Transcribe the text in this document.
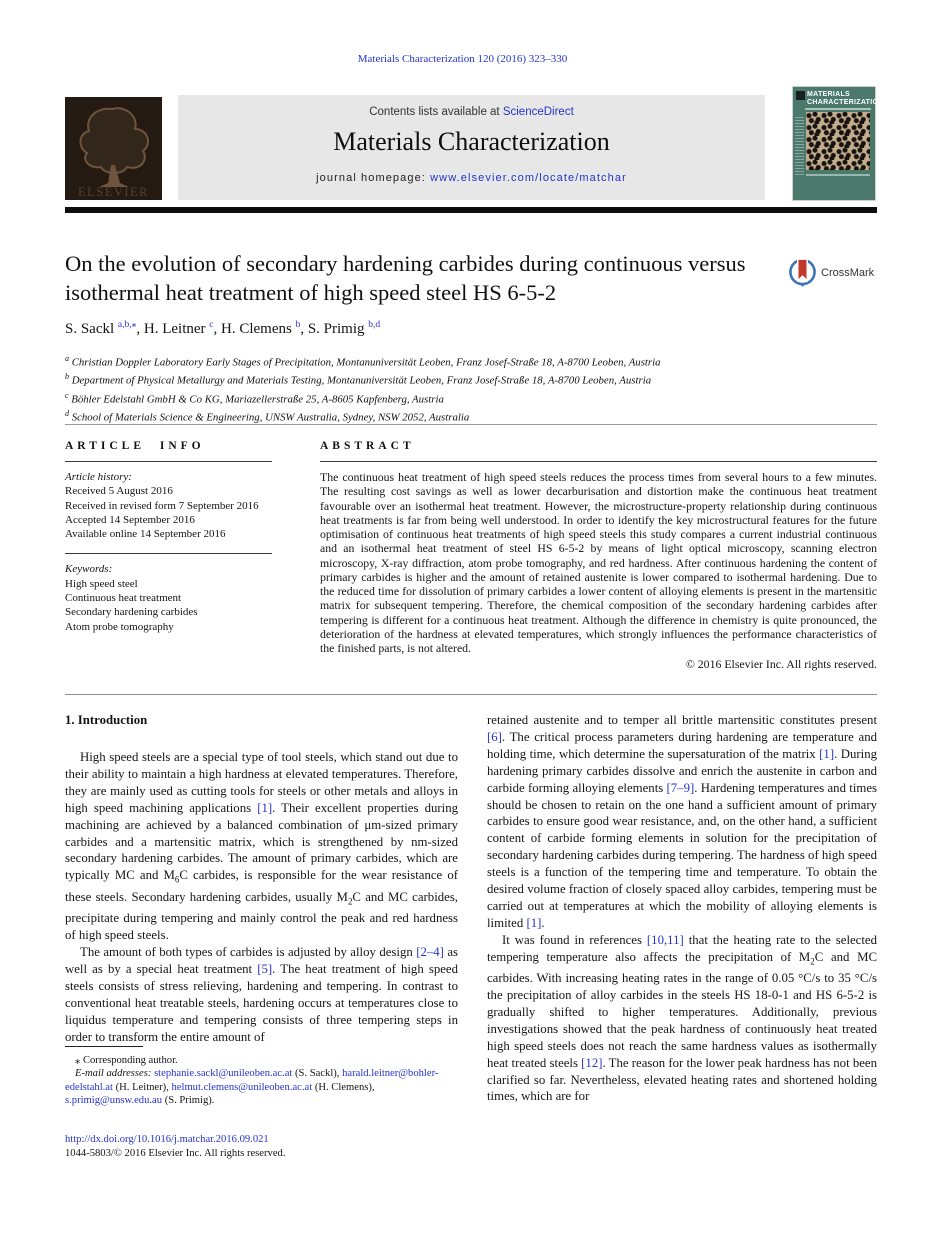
Materials Characterization 120 (2016) 323–330
ELSEVIER
Contents lists available at ScienceDirect
Materials Characterization
journal homepage: www.elsevier.com/locate/matchar
MATERIALS CHARACTERIZATION
On the evolution of secondary hardening carbides during continuous versus isothermal heat treatment of high speed steel HS 6-5-2
CrossMark
S. Sackl $^{a,b,⁎}$, H. Leitner $^c$, H. Clemens $^b$, S. Primig $^{b,d}$
$^a$ Christian Doppler Laboratory Early Stages of Precipitation, Montanuniversität Leoben, Franz Josef-Straße 18, A-8700 Leoben, Austria
$^b$ Department of Physical Metallurgy and Materials Testing, Montanuniversität Leoben, Franz Josef-Straße 18, A-8700 Leoben, Austria
$^c$ Böhler Edelstahl GmbH & Co KG, Mariazellerstraße 25, A-8605 Kapfenberg, Austria
$^d$ School of Materials Science & Engineering, UNSW Australia, Sydney, NSW 2052, Australia
ARTICLE INFO
Article history:
Received 5 August 2016
Received in revised form 7 September 2016
Accepted 14 September 2016
Available online 14 September 2016
Keywords:
High speed steel
Continuous heat treatment
Secondary hardening carbides
Atom probe tomography
ABSTRACT
The continuous heat treatment of high speed steels reduces the process times from several hours to a few minutes. The resulting cost savings as well as lower decarburisation and distortion make the continuous heat treatment favourable over an isothermal heat treatment. However, the microstructure-property relationship during continuous heat treatments is far from being well understood. In order to identify the key microstructural features for the future optimisation of continuous heat treatments of high speed steels this study compares a current industrial continuous and an isothermal heat treatment of steel HS 6-5-2 by means of light optical microscopy, scanning electron microscopy, X-ray diffraction, atom probe tomography, and red hardness. After continuous hardening the content of primary carbides is higher and the amount of retained austenite is lower compared to isothermal hardening. Due to the reduced time for dissolution of primary carbides a lower content of alloying elements is present in the martensitic matrix for subsequent tempering. Therefore, the chemical composition of the secondary hardening carbides after tempering is different for a continuous heat treatment. Although the difference in chemistry is quite pronounced, the deterioration of the hardness at elevated temperatures, which strongly influences the performance characteristics of the finished parts, is not altered.
© 2016 Elsevier Inc. All rights reserved.
1. Introduction

High speed steels are a special type of tool steels, which stand out due to their ability to maintain a high hardness at elevated temperatures. Therefore, they are mainly used as cutting tools for steels or other metals and alloys in high speed machining applications [1]. Their excellent properties during machining are achieved by a balanced combination of μm-sized primary carbides and a martensitic matrix, which is strengthened by nm-sized secondary hardening carbides. The amount of primary carbides, which are typically MC and $M_6C$ carbides, is responsible for the wear resistance of these steels. Secondary hardening carbides, usually $M_2C$ and MC carbides, precipitate during tempering and mainly control the peak and red hardness of high speed steels.

The amount of both types of carbides is adjusted by alloy design [2–4] as well as by a special heat treatment [5]. The heat treatment of high speed steels consists of stress relieving, hardening and tempering. In contrast to conventional heat treatable steels, hardening occurs at temperatures close to liquidus temperature and tempering consists of three tempering steps in order to transform the entire amount of

retained austenite and to temper all brittle martensitic constitutes present [6]. The critical process parameters during hardening are temperature and holding time, which determine the supersaturation of the matrix [1]. During hardening primary carbides dissolve and enrich the austenite in carbon and carbide forming alloying elements [7–9]. Hardening temperatures and times should be chosen to retain on the one hand a sufficient amount of primary carbides to ensure good wear resistance, and, on the other hand, a sufficient content of carbide forming elements in solution for the precipitation of secondary hardening carbides during tempering. The hardness of high speed steels is a function of the tempering time and temperature. To obtain the desired volume fraction of closely spaced alloy carbides, tempering must be carried out at temperatures at which the mobility of alloying elements is limited [1].

It was found in references [10,11] that the heating rate to the selected tempering temperature also affects the precipitation of $M_2C$ and MC carbides. With increasing heating rates in the range of 0.05 °C/s to 35 °C/s the precipitation of alloy carbides in the steels HS 18-0-1 and HS 6-5-2 is gradually shifted to higher temperatures. Additionally, previous investigations showed that the peak hardness of continuously heat treated high speed steels does not reach the same hardness values as isothermally heat treated steels [12]. The reason for the lower peak hardness has not been clarified so far. Nevertheless, elevated heating rates and shortened holding times, which are for

⁎ Corresponding author.

E-mail addresses: stephanie.sackl@unileoben.ac.at (S. Sackl), harald.leitner@bohler-edelstahl.at (H. Leitner), helmut.clemens@unileoben.ac.at (H. Clemens), s.primig@unsw.edu.au (S. Primig).

http://dx.doi.org/10.1016/j.matchar.2016.09.021
1044-5803/© 2016 Elsevier Inc. All rights reserved.
